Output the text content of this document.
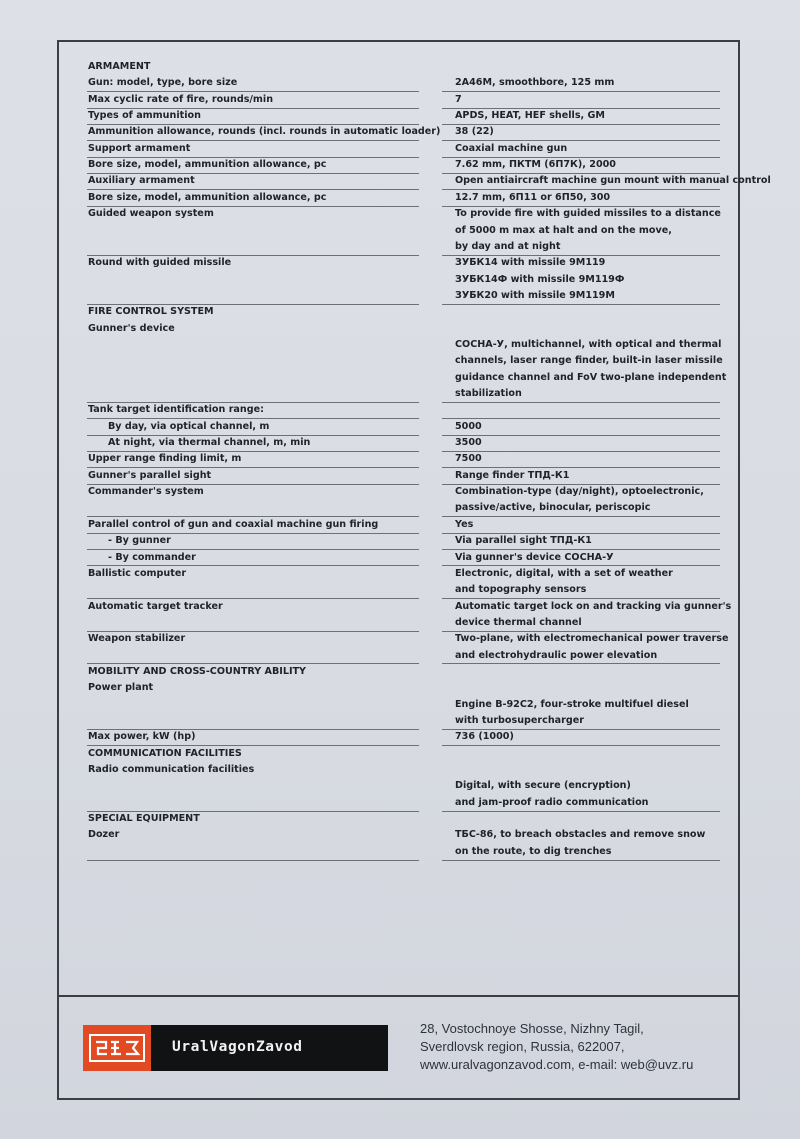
ARMAMENT
Gun: model, type, bore size	2A46M, smoothbore, 125 mm
Max cyclic rate of fire, rounds/min	7
Types of ammunition	APDS, HEAT, HEF shells, GM
Ammunition allowance, rounds (incl. rounds in automatic loader) 38 (22)
Support armament	Coaxial machine gun
Bore size, model, ammunition allowance, pc	7.62 mm, ПКТМ (6П7К), 2000
Auxiliary armament	Open antiaircraft machine gun mount with manual control
Bore size, model, ammunition allowance, pc	12.7 mm, 6П11 or 6П50, 300
Guided weapon system	To provide fire with guided missiles to a distance
of 5000 m max at halt and on the move,
by day and at night
Round with guided missile	ЗУБК14 with missile 9М119
ЗУБК14Ф with missile 9М119Ф
ЗУБК20 with missile 9М119М
FIRE CONTROL SYSTEM
Gunner's device
СОСНА-У, multichannel, with optical and thermal
channels, laser range finder, built-in laser missile
guidance channel and FoV two-plane independent
stabilization
Tank target identification range:
By day, via optical channel, m	5000
At night, via thermal channel, m, min	3500
Upper range finding limit, m	7500
Gunner's parallel sight	Range finder ТПД-К1
Commander's system	Combination-type (day/night), optoelectronic,
passive/active, binocular, periscopic
Parallel control of gun and coaxial machine gun firing	Yes
- By gunner	Via parallel sight ТПД-К1
- By commander	Via gunner's device СОСНА-У
Ballistic computer	Electronic, digital, with a set of weather
and topography sensors
Automatic target tracker	Automatic target lock on and tracking via gunner's
device thermal channel
Weapon stabilizer	Two-plane, with electromechanical power traverse
and electrohydraulic power elevation
MOBILITY AND CROSS-COUNTRY ABILITY
Power plant
Engine В-92С2, four-stroke multifuel diesel
with turbosupercharger
Max power, kW (hp)	736 (1000)
COMMUNICATION FACILITIES
Radio communication facilities
Digital, with secure (encryption)
and jam-proof radio communication
SPECIAL EQUIPMENT
Dozer	ТБС-86, to breach obstacles and remove snow
on the route, to dig trenches
UralVagonZavod
28, Vostochnoye Shosse, Nizhny Tagil,
Sverdlovsk region, Russia, 622007,
www.uralvagonzavod.com, e-mail: web@uvz.ru
